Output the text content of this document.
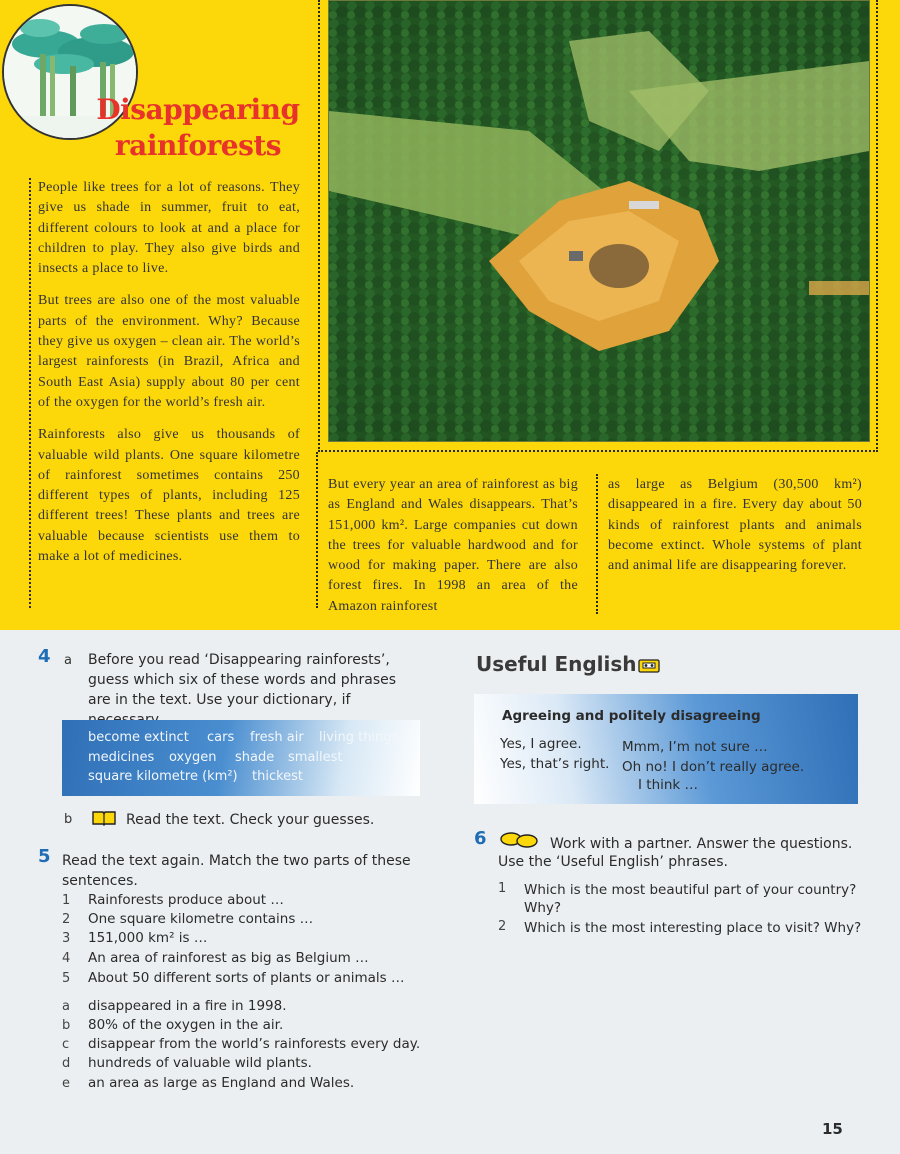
Disappearing
rainforests

People like trees for a lot of reasons. They give us shade in summer, fruit to eat, different colours to look at and a place for children to play. They also give birds and insects a place to live.

But trees are also one of the most valuable parts of the environment. Why? Because they give us oxygen – clean air. The world’s largest rainforests (in Brazil, Africa and South East Asia) supply about 80 per cent of the oxygen for the world’s fresh air.

Rainforests also give us thousands of valuable wild plants. One square kilometre of rainforest sometimes contains 250 different types of plants, including 125 different trees! These plants and trees are valuable because scientists use them to make a lot of medicines.

But every year an area of rainforest as big as England and Wales disappears. That’s 151,000 km². Large companies cut down the trees for valuable hardwood and for wood for making paper. There are also forest fires. In 1998 an area of the Amazon rainforest

as large as Belgium (30,500 km²) disappeared in a fire. Every day about 50 kinds of rainforest plants and animals become extinct. Whole systems of plant and animal life are disappearing forever.

4 a Before you read ‘Disappearing rainforests’, guess which six of these words and phrases are in the text. Use your dictionary, if
become extinct cars fresh air living things
medicines oxygen shade smallest
square kilometre (km²) thickest
b	Read the text. Check your guesses.
5 Read the text again. Match the two parts of these sentences.
1 Rainforests produce about …
2 One square kilometre contains …
3 151,000 km² is …
4 An area of rainforest as big as Belgium …
5 About 50 different sorts of plants or animals …
a disappeared in a fire in 1998.
b 80% of the oxygen in the air.
c disappear from the world’s rainforests every day.
d hundreds of valuable wild plants.
e an area as large as England and Wales.
Useful English
Agreeing and politely disagreeing
Yes, I agree.
Yes, that’s right.
Mmm, I’m not sure …
Oh no! I don’t really agree.
I think …
6	Work with a partner. Answer the questions.
Use the ‘Useful English’ phrases.
1 Which is the most beautiful part of your country?
Why?
2 Which is the most interesting place to visit? Why?
15
